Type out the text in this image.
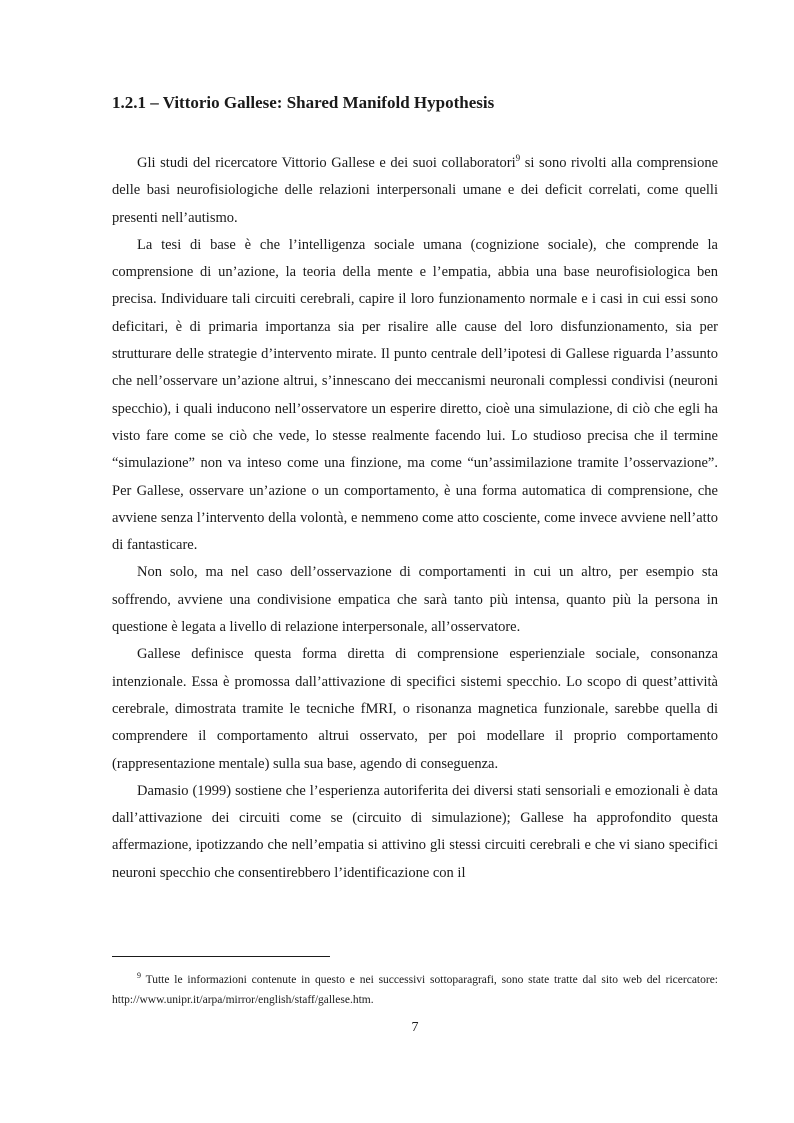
1.2.1 – Vittorio Gallese: Shared Manifold Hypothesis

Gli studi del ricercatore Vittorio Gallese e dei suoi collaboratori$^9$ si sono rivolti alla comprensione delle basi neurofisiologiche delle relazioni interpersonali umane e dei deficit correlati, come quelli presenti nell’autismo.

La tesi di base è che l’intelligenza sociale umana (cognizione sociale), che comprende la comprensione di un’azione, la teoria della mente e l’empatia, abbia una base neurofisiologica ben precisa. Individuare tali circuiti cerebrali, capire il loro funzionamento normale e i casi in cui essi sono deficitari, è di primaria importanza sia per risalire alle cause del loro disfunzionamento, sia per strutturare delle strategie d’intervento mirate. Il punto centrale dell’ipotesi di Gallese riguarda l’assunto che nell’osservare un’azione altrui, s’innescano dei meccanismi neuronali complessi condivisi (neuroni specchio), i quali inducono nell’osservatore un esperire diretto, cioè una simulazione, di ciò che egli ha visto fare come se ciò che vede, lo stesse realmente facendo lui. Lo studioso precisa che il termine “simulazione” non va inteso come una finzione, ma come “un’assimilazione tramite l’osservazione”. Per Gallese, osservare un’azione o un comportamento, è una forma automatica di comprensione, che avviene senza l’intervento della volontà, e nemmeno come atto cosciente, come invece avviene nell’atto di fantasticare.

Non solo, ma nel caso dell’osservazione di comportamenti in cui un altro, per esempio sta soffrendo, avviene una condivisione empatica che sarà tanto più intensa, quanto più la persona in questione è legata a livello di relazione interpersonale, all’osservatore.

Gallese definisce questa forma diretta di comprensione esperienziale sociale, consonanza intenzionale. Essa è promossa dall’attivazione di specifici sistemi specchio. Lo scopo di quest’attività cerebrale, dimostrata tramite le tecniche fMRI, o risonanza magnetica funzionale, sarebbe quella di comprendere il comportamento altrui osservato, per poi modellare il proprio comportamento (rappresentazione mentale) sulla sua base, agendo di conseguenza.

Damasio (1999) sostiene che l’esperienza autoriferita dei diversi stati sensoriali e emozionali è data dall’attivazione dei circuiti come se (circuito di simulazione); Gallese ha approfondito questa affermazione, ipotizzando che nell’empatia si attivino gli stessi circuiti cerebrali e che vi siano specifici neuroni specchio che consentirebbero l’identificazione con il

$^9$ Tutte le informazioni contenute in questo e nei successivi sottoparagrafi, sono state tratte dal sito web del ricercatore: http://www.unipr.it/arpa/mirror/english/staff/gallese.htm.

7
